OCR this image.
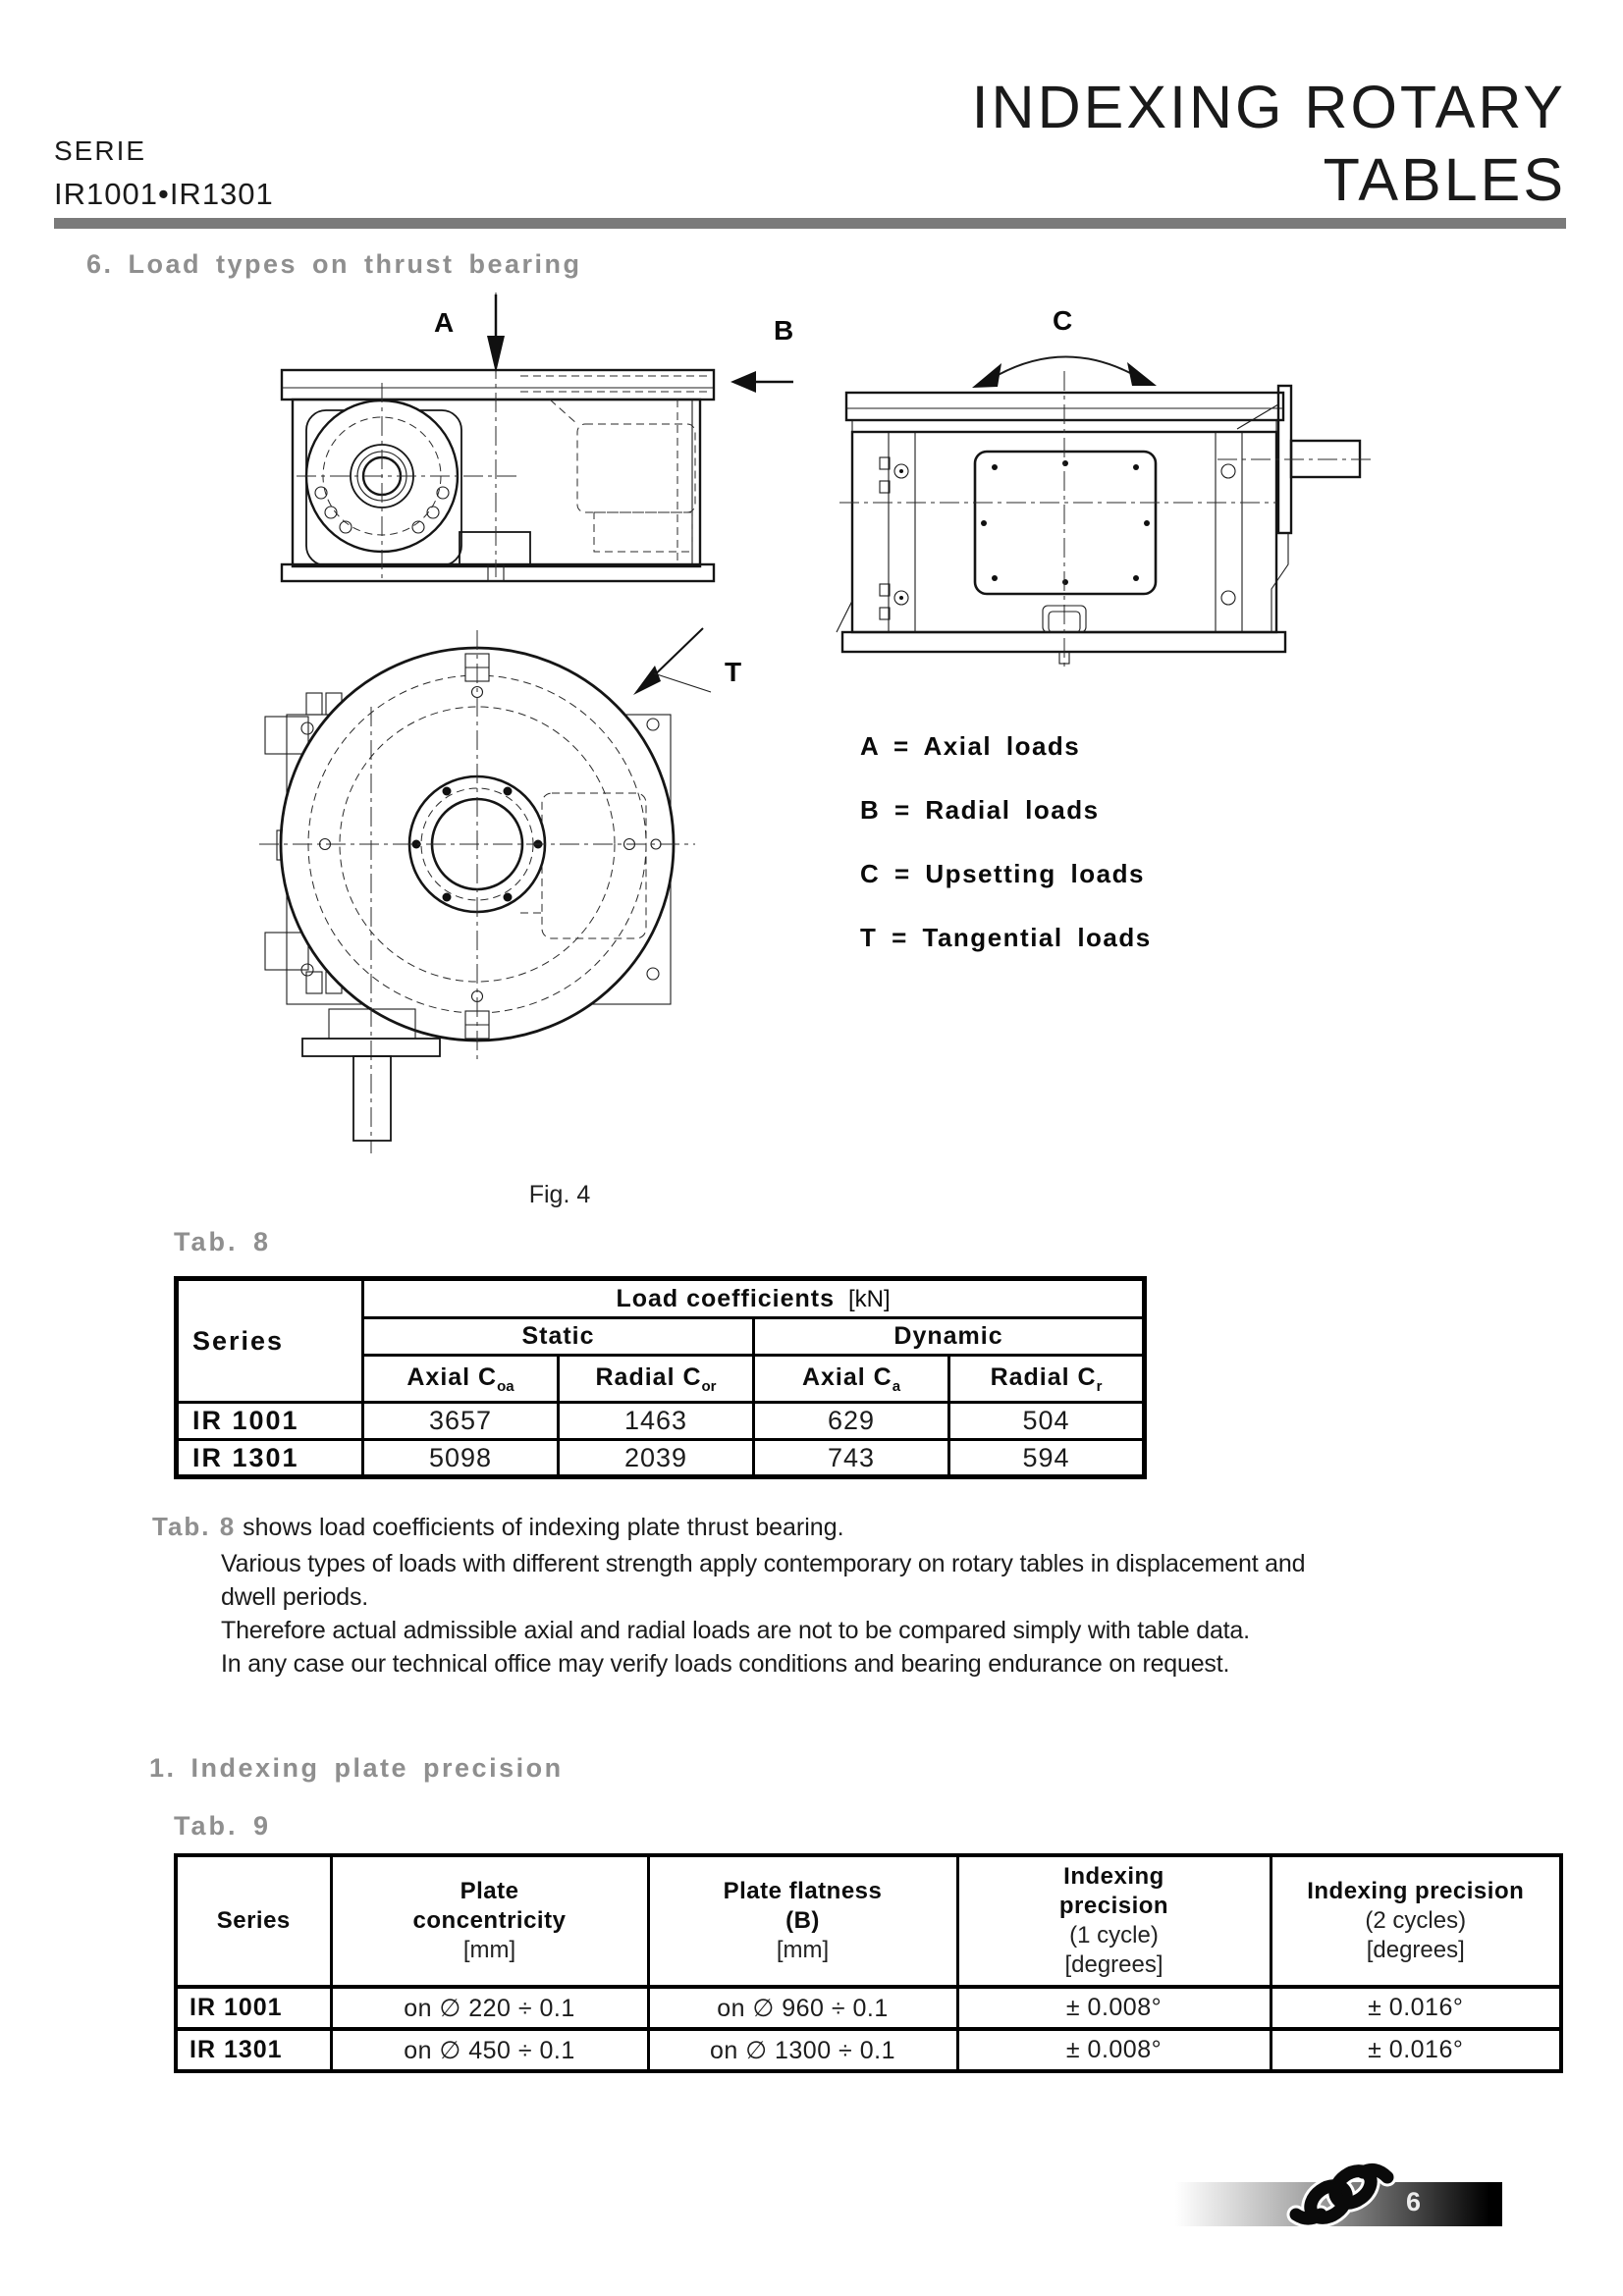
SERIE
IR1001•IR1301
INDEXING ROTARY
TABLES
6. Load types on thrust bearing
A	B	C
T
A = Axial loads
B = Radial loads
C = Upsetting loads
T = Tangential loads
Fig. 4
Tab. 8
Series	Load coefficients [kN]			
	Static		Dynamic	
	Axial $C_{oa}$	Radial $C_{or}$	Axial $C_a$	Radial $C_r$
IR 1001	3657	1463	629	504
IR 1301	5098	2039	743	594
Tab. 8 shows load coefficients of indexing plate thrust bearing.
Various types of loads with different strength apply contemporary on rotary tables in displacement and
dwell periods.
Therefore actual admissible axial and radial loads are not to be compared simply with table data.
In any case our technical office may verify loads conditions and bearing endurance on request.
1. Indexing plate precision
Tab. 9
Series	
Plate
concentricity
[mm]

Plate flatness
(B)
[mm]

Indexing
precision
(1 cycle)
[degrees]

Indexing precision
(2 cycles)
[degrees]

IR 1001	on ∅ 220 ÷ 0.1	on ∅ 960 ÷ 0.1	± 0.008°	± 0.016°
IR 1301	on ∅ 450 ÷ 0.1	on ∅ 1300 ÷ 0.1	± 0.008°	± 0.016°
6
